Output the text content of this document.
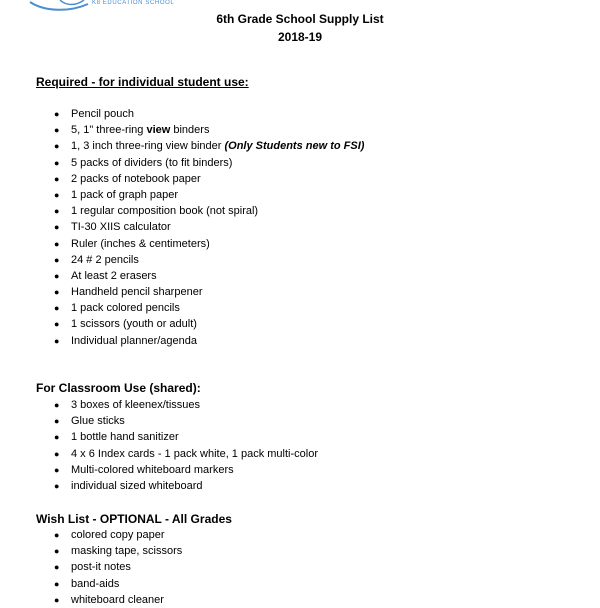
K8 EDUCATION SCHOOL
6th Grade School Supply List
2018-19
Required - for individual student use:
● Pencil pouch
● 5, 1" three-ring view binders
● 1, 3 inch three-ring view binder (Only Students new to FSI)
● 5 packs of dividers (to fit binders)
● 2 packs of notebook paper
● 1 pack of graph paper
● 1 regular composition book (not spiral)
● TI-30 XIIS calculator
● Ruler (inches & centimeters)
● 24 # 2 pencils
● At least 2 erasers
● Handheld pencil sharpener
● 1 pack colored pencils
● 1 scissors (youth or adult)
● Individual planner/agenda
For Classroom Use (shared):
● 3 boxes of kleenex/tissues
● Glue sticks
● 1 bottle hand sanitizer
● 4 x 6 Index cards - 1 pack white, 1 pack multi-color
● Multi-colored whiteboard markers
● individual sized whiteboard
Wish List - OPTIONAL - All Grades
● colored copy paper
● masking tape, scissors
● post-it notes
● band-aids
● whiteboard cleaner
